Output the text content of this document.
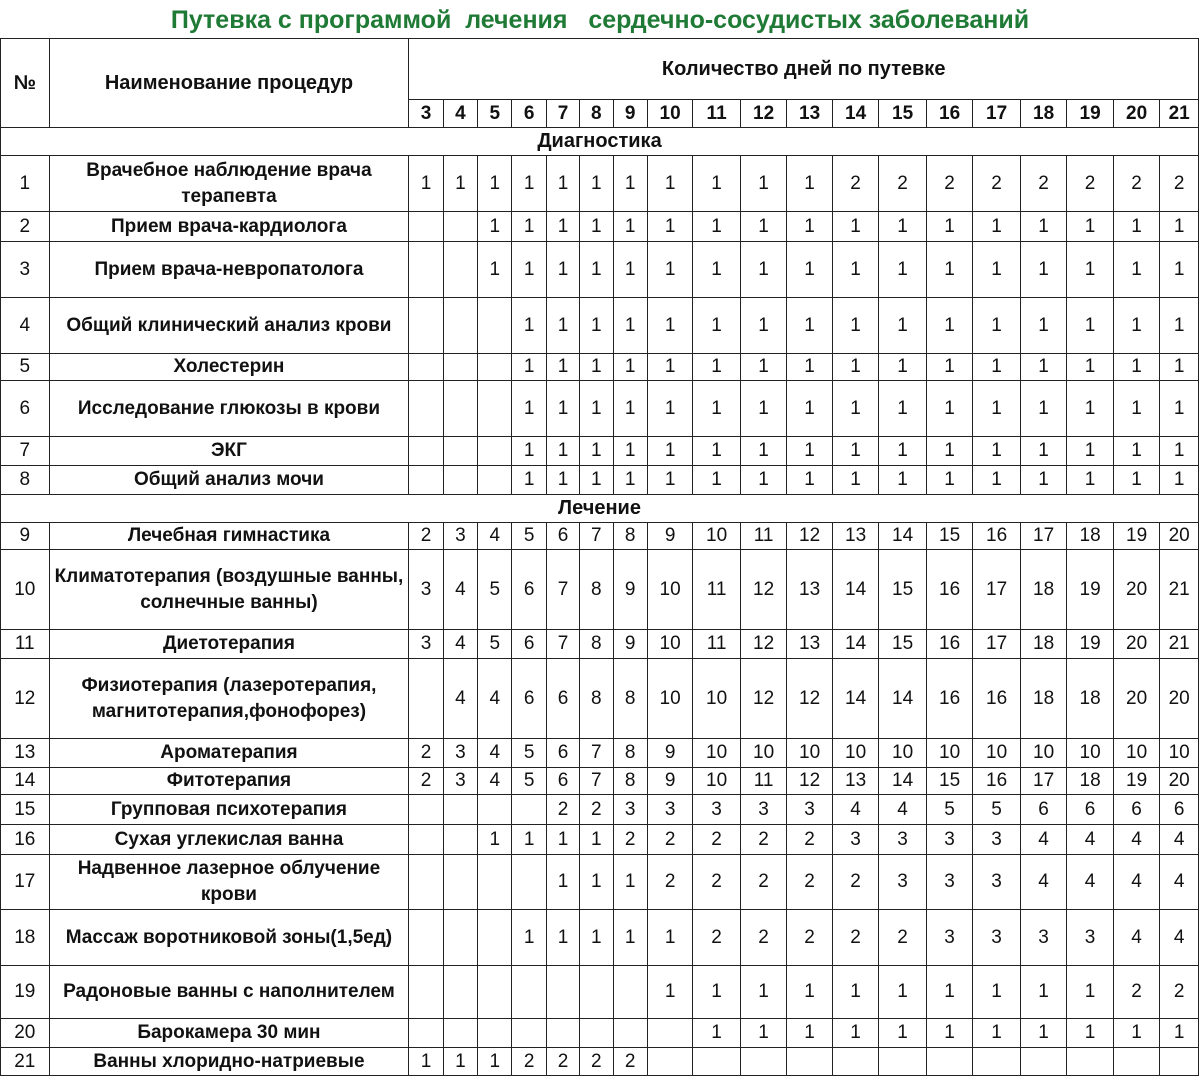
Путевка с программой  лечения   сердечно-сосудистых заболеваний
№	Наименование процедур	Количество дней по путевке																		
		3	4	5	6	7	8	9	10	11	12	13	14	15	16	17	18	19	20	21
Диагностика																				
1	Врачебное наблюдение врача терапевта	1	1	1	1	1	1	1	1	1	1	1	2	2	2	2	2	2	2	2
2	Прием врача-кардиолога			1	1	1	1	1	1	1	1	1	1	1	1	1	1	1	1	1
3	Прием врача-невропатолога			1	1	1	1	1	1	1	1	1	1	1	1	1	1	1	1	1
4	Общий клинический анализ крови				1	1	1	1	1	1	1	1	1	1	1	1	1	1	1	1
5	Холестерин				1	1	1	1	1	1	1	1	1	1	1	1	1	1	1	1
6	Исследование глюкозы в крови				1	1	1	1	1	1	1	1	1	1	1	1	1	1	1	1
7	ЭКГ				1	1	1	1	1	1	1	1	1	1	1	1	1	1	1	1
8	Общий анализ мочи				1	1	1	1	1	1	1	1	1	1	1	1	1	1	1	1
Лечение																				
9	Лечебная гимнастика	2	3	4	5	6	7	8	9	10	11	12	13	14	15	16	17	18	19	20
10	Климатотерапия (воздушные ванны, солнечные ванны)	3	4	5	6	7	8	9	10	11	12	13	14	15	16	17	18	19	20	21
11	Диетотерапия	3	4	5	6	7	8	9	10	11	12	13	14	15	16	17	18	19	20	21
12	Физиотерапия (лазеротерапия, магнитотерапия,фонофорез)		4	4	6	6	8	8	10	10	12	12	14	14	16	16	18	18	20	20
13	Ароматерапия	2	3	4	5	6	7	8	9	10	10	10	10	10	10	10	10	10	10	10
14	Фитотерапия	2	3	4	5	6	7	8	9	10	11	12	13	14	15	16	17	18	19	20
15	Групповая психотерапия					2	2	3	3	3	3	3	4	4	5	5	6	6	6	6
16	Сухая углекислая ванна			1	1	1	1	2	2	2	2	2	3	3	3	3	4	4	4	4
17	Надвенное лазерное облучение крови					1	1	1	2	2	2	2	2	3	3	3	4	4	4	4
18	Массаж воротниковой зоны(1,5ед)				1	1	1	1	1	2	2	2	2	2	3	3	3	3	4	4
19	Радоновые ванны с наполнителем								1	1	1	1	1	1	1	1	1	1	2	2
20	Барокамера 30 мин									1	1	1	1	1	1	1	1	1	1	1
21	Ванны хлоридно-натриевые	1	1	1	2	2	2	2												
